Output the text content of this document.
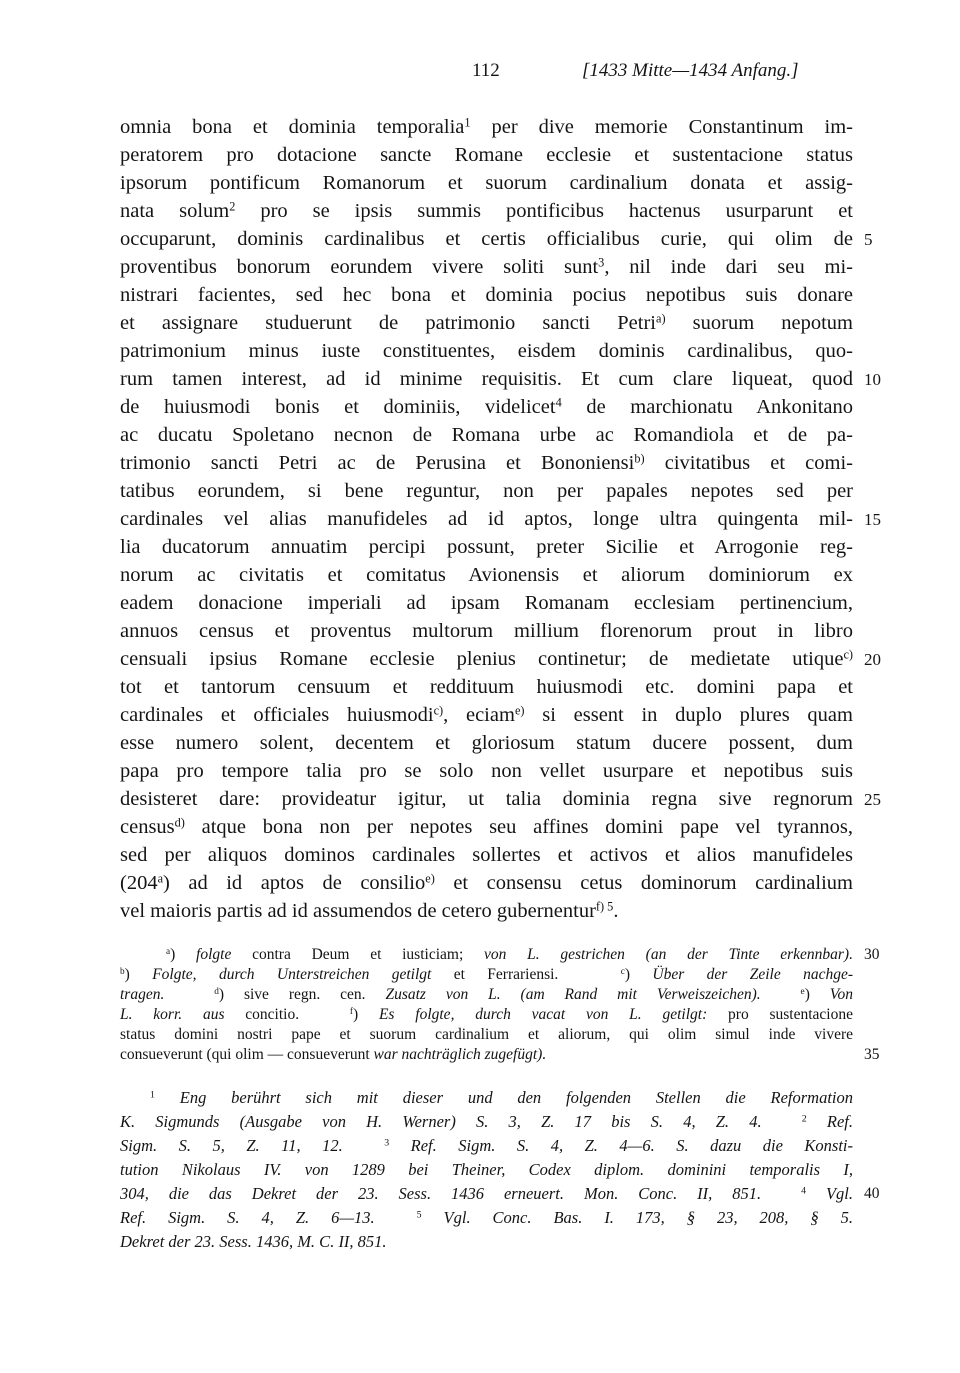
112	[1433 Mitte—1434 Anfang.]
omnia bona et dominia temporalia$^1$ per dive memorie Constantinum im-
peratorem pro dotacione sancte Romane ecclesie et sustentacione status
ipsorum pontificum Romanorum et suorum cardinalium donata et assig-
nata solum$^2$ pro se ipsis summis pontificibus hactenus usurparunt et
occuparunt, dominis cardinalibus et certis officialibus curie, qui olim de
proventibus bonorum eorundem vivere soliti sunt$^3$, nil inde dari seu mi-
nistrari facientes, sed hec bona et dominia pocius nepotibus suis donare
et assignare studuerunt de patrimonio sancti Petri$^{a)}$ suorum nepotum
patrimonium minus iuste constituentes, eisdem dominis cardinalibus, quo-
rum tamen interest, ad id minime requisitis. Et cum clare liqueat, quod
de huiusmodi bonis et dominiis, videlicet$^4$ de marchionatu Ankonitano
ac ducatu Spoletano necnon de Romana urbe ac Romandiola et de pa-
trimonio sancti Petri ac de Perusina et Bononiensi$^{b)}$ civitatibus et comi-
tatibus eorundem, si bene reguntur, non per papales nepotes sed per
cardinales vel alias manufideles ad id aptos, longe ultra quingenta mil-
lia ducatorum annuatim percipi possunt, preter Sicilie et Arrogonie reg-
norum ac civitatis et comitatus Avionensis et aliorum dominiorum ex
eadem donacione imperiali ad ipsam Romanam ecclesiam pertinencium,
annuos census et proventus multorum millium florenorum prout in libro
censuali ipsius Romane ecclesie plenius continetur; de medietate utique$^{c)}$
tot et tantorum censuum et reddituum huiusmodi etc. domini papa et
cardinales et officiales huiusmodi$^{c)}$, eciam$^{e)}$ si essent in duplo plures quam
esse numero solent, decentem et gloriosum statum ducere possent, dum
papa pro tempore talia pro se solo non vellet usurpare et nepotibus suis
desisteret dare: provideatur igitur, ut talia dominia regna sive regnorum
census$^{d)}$ atque bona non per nepotes seu affines domini pape vel tyrannos,
sed per aliquos dominos cardinales sollertes et activos et alios manufideles
(204$^a$) ad id aptos de consilio$^{e)}$ et consensu cetus dominorum cardinalium
vel maioris partis ad id assumendos de cetero gubernentur$^{f) 5}$.
5
10
15
20
25
$^a$) folgte contra Deum et iusticiam; von L. gestrichen (an der Tinte erkennbar).
$^b$) Folgte, durch Unterstreichen getilgt et Ferrariensi.	$^c$) Über der Zeile nachge-
tragen.	$^d$) sive regn. cen. Zusatz von L. (am Rand mit Verweiszeichen).	$^e$) Von
L. korr. aus concitio.	$^f$) Es folgte, durch vacat von L. getilgt: pro sustentacione
status domini nostri pape et suorum cardinalium et aliorum, qui olim simul inde vivere
consueverunt (qui olim — consueverunt war nachträglich zugefügt).
30
35
$^1$ Eng berührt sich mit dieser und den folgenden Stellen die Reformation
K. Sigmunds (Ausgabe von H. Werner) S. 3, Z. 17 bis S. 4, Z. 4.	$^2$ Ref.
Sigm. S. 5, Z. 11, 12.	$^3$ Ref. Sigm. S. 4, Z. 4—6. S. dazu die Konsti-
tution Nikolaus IV. von 1289 bei Theiner, Codex diplom. dominini temporalis I,
304, die das Dekret der 23. Sess. 1436 erneuert. Mon. Conc. II, 851.	$^4$ Vgl.
Ref. Sigm. S. 4, Z. 6—13.	$^5$ Vgl. Conc. Bas. I. 173, § 23, 208, § 5.
Dekret der 23. Sess. 1436, M. C. II, 851.
40
